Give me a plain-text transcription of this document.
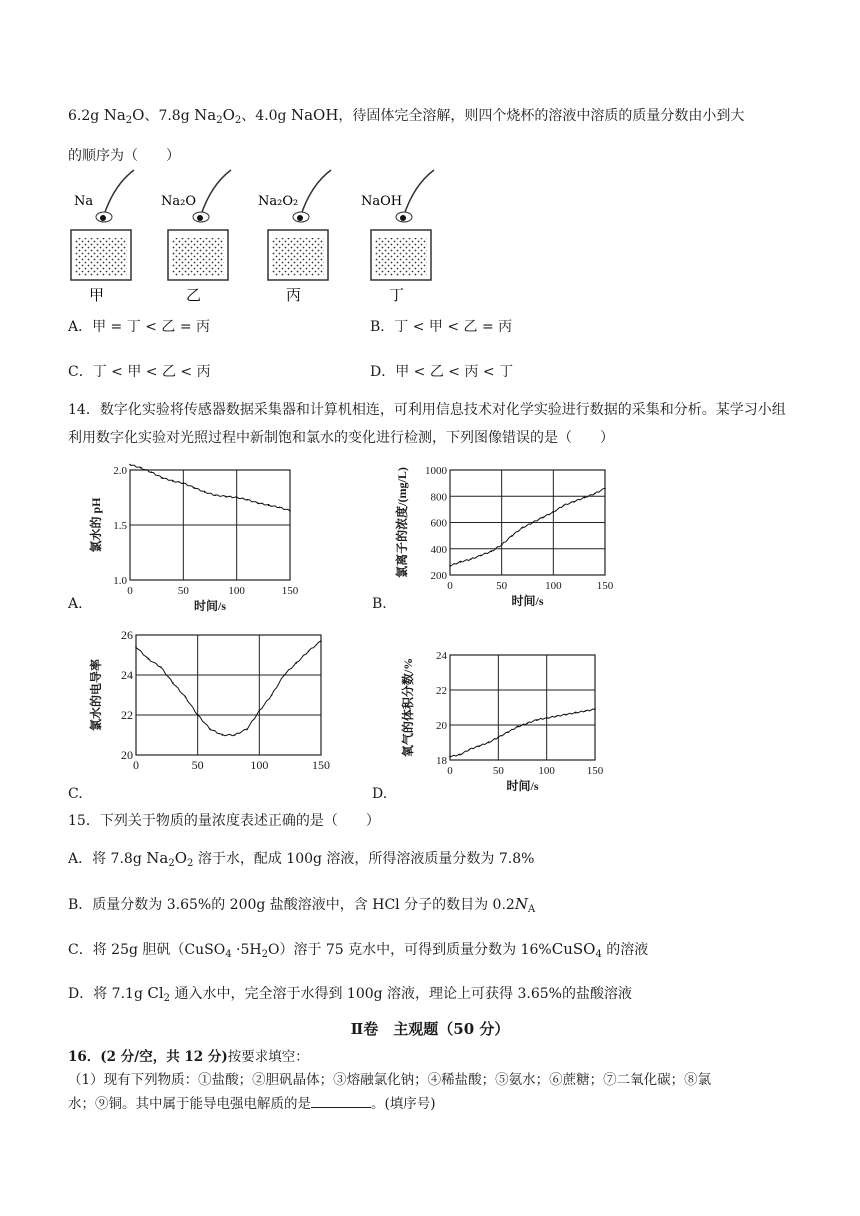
6.2g $Na_2O$、7.8g $Na_2O_2$、4.0g NaOH，待固体完全溶解，则四个烧杯的溶液中溶质的质量分数由小到大
的顺序为（　　）
Na
甲
Na₂O
乙
Na₂O₂
丙
NaOH
丁
A．甲 = 丁 < 乙 = 丙	B．丁 < 甲 < 乙 = 丙
C．丁 < 甲 < 乙 < 丙	D．甲 < 乙 < 丙 < 丁
14．数字化实验将传感器数据采集器和计算机相连，可利用信息技术对化学实验进行数据的采集和分析。某学习小组利用数字化实验对光照过程中新制饱和氯水的变化进行检测，下列图像错误的是（　　）
0	50	100	150
1.0
1.5
2.0
时间/s
氯水的 pH
0	50	100	150
200
400
600
800
1000
时间/s
氯离子的浓度/(mg/L)
0	50	100	150
20
22
24
26
氯水的电导率
0	50	100	150
18
20
22
24
时间/s
氧气的体积分数/%
A.	B.
C.	D.
15．下列关于物质的量浓度表述正确的是（　　）
A．将 7.8g $Na_2O_2$ 溶于水，配成 100g 溶液，所得溶液质量分数为 7.8%
B．质量分数为 3.65%的 200g 盐酸溶液中，含 HCl 分子的数目为 $0.2N_A$
C．将 25g 胆矾（CuSO$_4$ $\cdot 5H_2O$）溶于 75 克水中，可得到质量分数为 16%CuSO$_4$ 的溶液
D．将 7.1g $Cl_2$ 通入水中，完全溶于水得到 100g 溶液，理论上可获得 3.65%的盐酸溶液
Ⅱ卷　主观题（50 分）
16．(2 分/空，共 12 分)按要求填空：
（1）现有下列物质：①盐酸；②胆矾晶体；③熔融氯化钠；④稀盐酸；⑤氨水；⑥蔗糖；⑦二氧化碳；⑧氯
水；⑨铜。其中属于能导电强电解质的是	。(填序号)
